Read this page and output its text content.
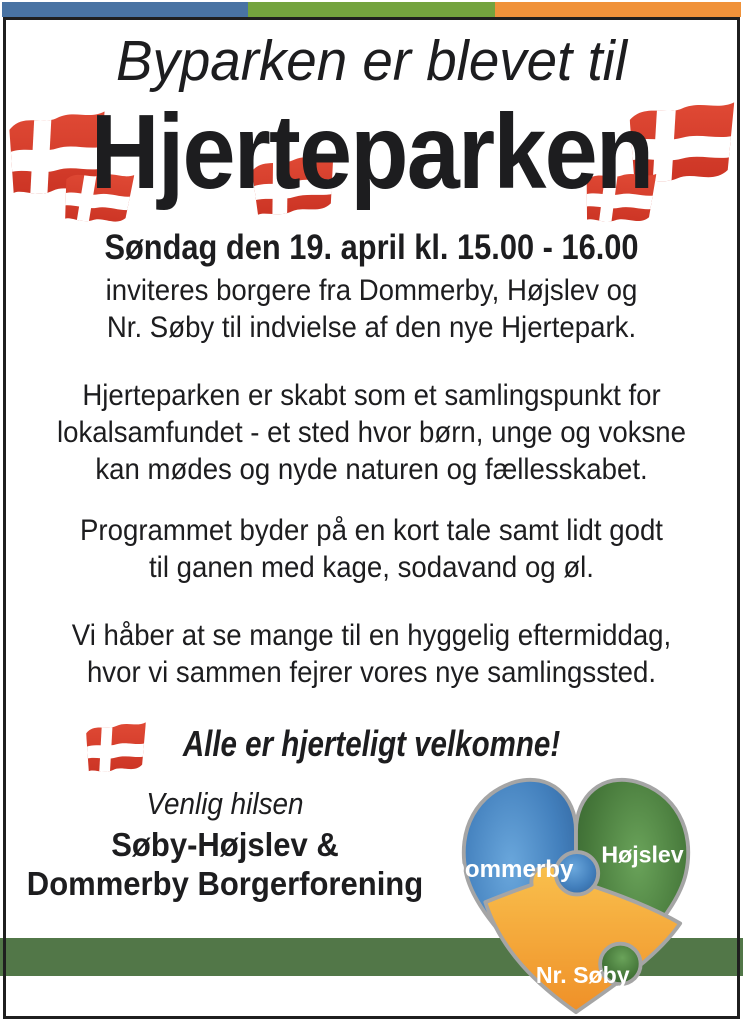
Byparken er blevet til
Hjerteparken
Søndag den 19. april kl. 15.00 - 16.00
inviteres borgere fra Dommerby, Højslev og
Nr. Søby til indvielse af den nye Hjertepark.
Hjerteparken er skabt som et samlingspunkt for
lokalsamfundet - et sted hvor børn, unge og voksne
kan mødes og nyde naturen og fællesskabet.
Programmet byder på en kort tale samt lidt godt
til ganen med kage, sodavand og øl.
Vi håber at se mange til en hyggelig eftermiddag,
hvor vi sammen fejrer vores nye samlingssted.
Alle er hjerteligt velkomne!
Venlig hilsen
Søby-Højslev &
Dommerby Borgerforening Dommerby
Højslev
Nr. Søby
